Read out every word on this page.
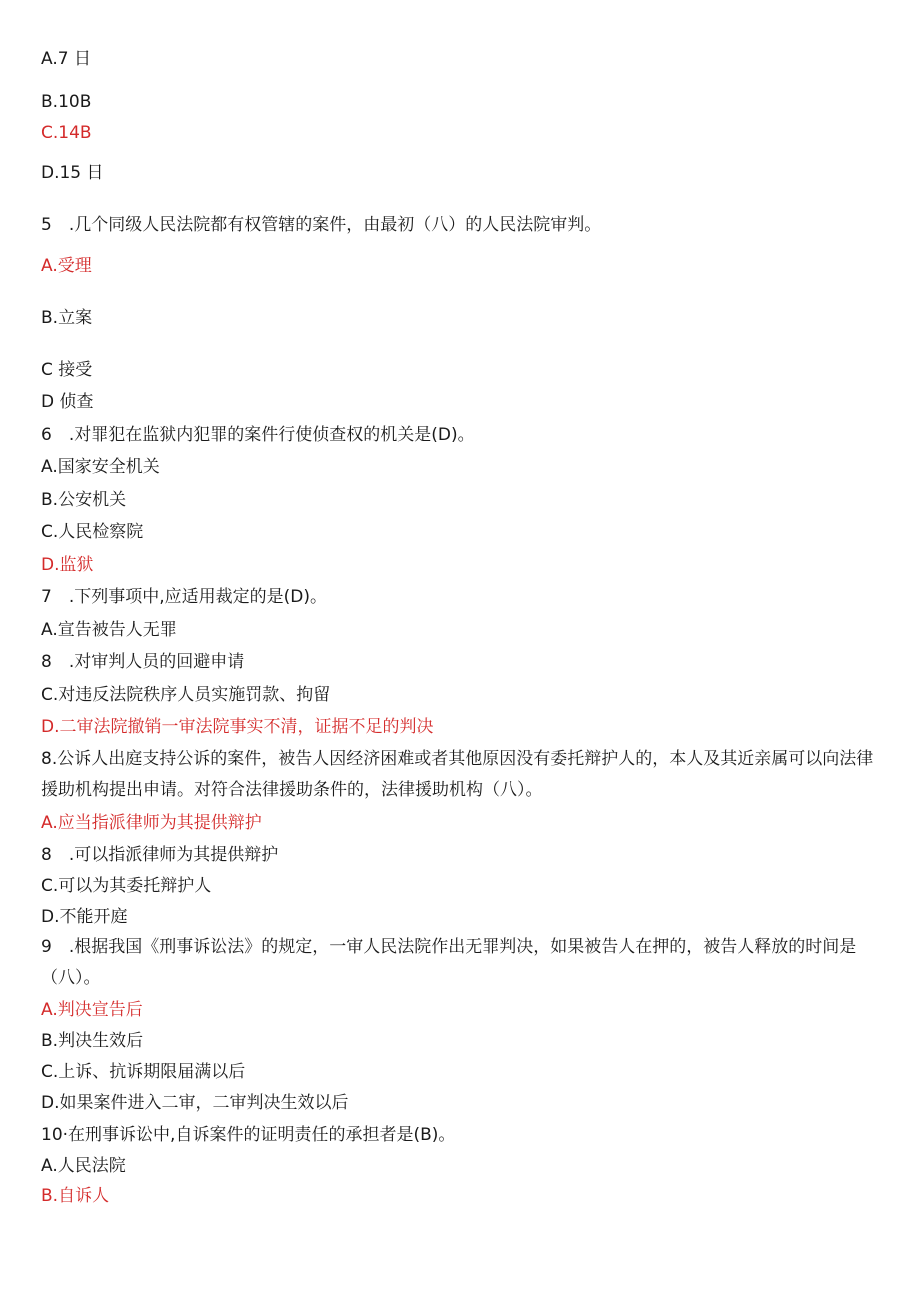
A.7 日
B.10B
C.14B
D.15 日
5　.几个同级人民法院都有权管辖的案件，由最初（八）的人民法院审判。
A.受理
B.立案
C 接受
D 侦查
6　.对罪犯在监狱内犯罪的案件行使侦查权的机关是(D)。
A.国家安全机关
B.公安机关
C.人民检察院
D.监狱
7　.下列事项中,应适用裁定的是(D)。
A.宣告被告人无罪
8　.对审判人员的回避申请
C.对违反法院秩序人员实施罚款、拘留
D.二审法院撤销一审法院事实不清，证据不足的判决
8.公诉人出庭支持公诉的案件，被告人因经济困难或者其他原因没有委托辩护人的，本人及其近亲属可以向法律援助机构提出申请。对符合法律援助条件的，法律援助机构（八）。
A.应当指派律师为其提供辩护
8　.可以指派律师为其提供辩护
C.可以为其委托辩护人
D.不能开庭
9　.根据我国《刑事诉讼法》的规定，一审人民法院作出无罪判决，如果被告人在押的，被告人释放的时间是（八）。
A.判决宣告后
B.判决生效后
C.上诉、抗诉期限届满以后
D.如果案件进入二审，二审判决生效以后
10·在刑事诉讼中,自诉案件的证明责任的承担者是(B)。
A.人民法院
B.自诉人
